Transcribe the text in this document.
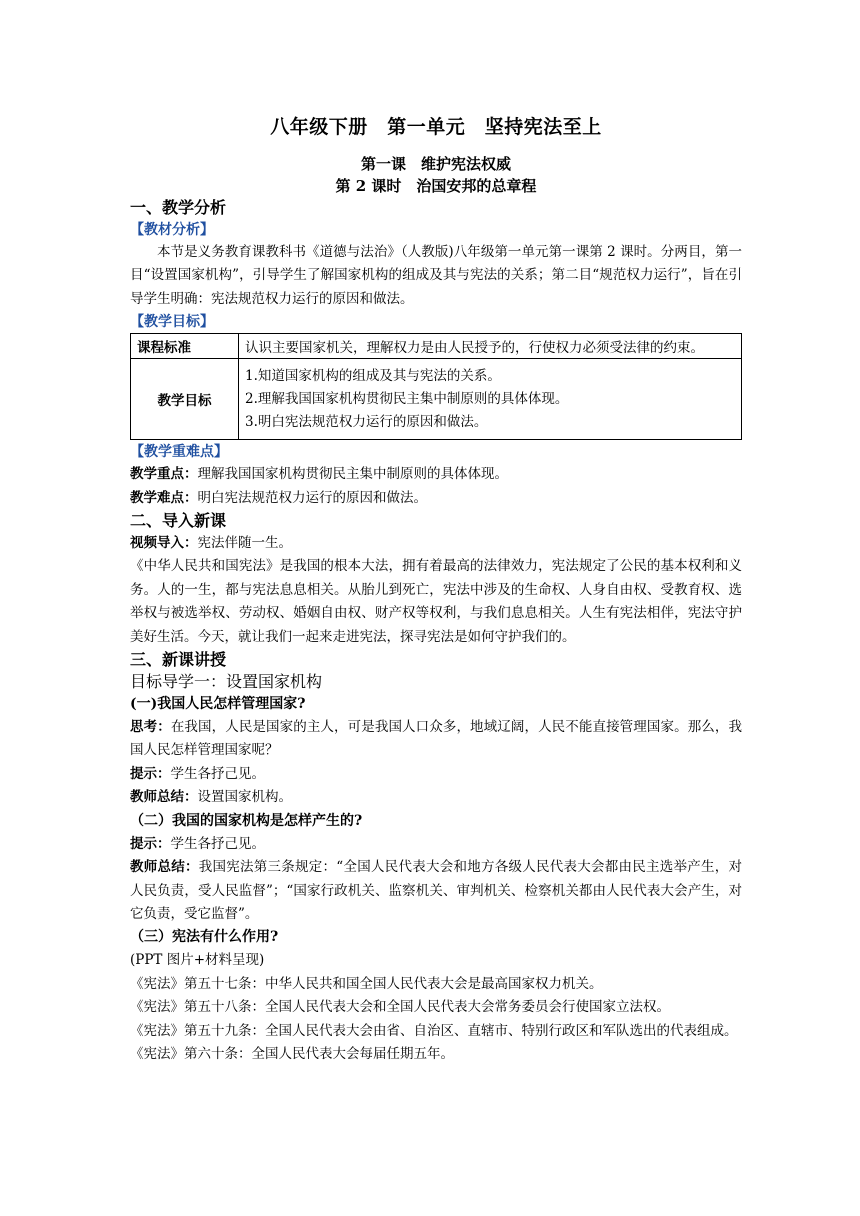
八年级下册　第一单元　坚持宪法至上
第一课　维护宪法权威
第 2 课时　治国安邦的总章程
一、教学分析
【教材分析】

本节是义务教育课教科书《道德与法治》（人教版)八年级第一单元第一课第 2 课时。分两目，第一目“设置国家机构”，引导学生了解国家机构的组成及其与宪法的关系；第二目“规范权力运行”，旨在引导学生明确：宪法规范权力运行的原因和做法。

【教学目标】
课程标准	认识主要国家机关，理解权力是由人民授予的，行使权力必须受法律的约束。
教学目标	1.知道国家机构的组成及其与宪法的关系。
2.理解我国国家机构贯彻民主集中制原则的具体体现。
3.明白宪法规范权力运行的原因和做法。
【教学重难点】

教学重点：理解我国国家机构贯彻民主集中制原则的具体体现。

教学难点：明白宪法规范权力运行的原因和做法。

二、导入新课

视频导入：宪法伴随一生。

《中华人民共和国宪法》是我国的根本大法，拥有着最高的法律效力，宪法规定了公民的基本权利和义务。人的一生，都与宪法息息相关。从胎儿到死亡，宪法中涉及的生命权、人身自由权、受教育权、选举权与被选举权、劳动权、婚姻自由权、财产权等权利，与我们息息相关。人生有宪法相伴，宪法守护美好生活。今天，就让我们一起来走进宪法，探寻宪法是如何守护我们的。

三、新课讲授
目标导学一：设置国家机构
(一)我国人民怎样管理国家?

思考：在我国，人民是国家的主人，可是我国人口众多，地域辽阔，人民不能直接管理国家。那么，我国人民怎样管理国家呢？

提示：学生各抒己见。

教师总结：设置国家机构。

（二）我国的国家机构是怎样产生的?

提示：学生各抒己见。

教师总结：我国宪法第三条规定：“全国人民代表大会和地方各级人民代表大会都由民主选举产生，对人民负责，受人民监督”；“国家行政机关、监察机关、审判机关、检察机关都由人民代表大会产生，对它负责，受它监督”。

（三）宪法有什么作用?

(PPT 图片+材料呈现)

《宪法》第五十七条：中华人民共和国全国人民代表大会是最高国家权力机关。

《宪法》第五十八条：全国人民代表大会和全国人民代表大会常务委员会行使国家立法权。

《宪法》第五十九条：全国人民代表大会由省、自治区、直辖市、特别行政区和军队选出的代表组成。

《宪法》第六十条：全国人民代表大会每届任期五年。
